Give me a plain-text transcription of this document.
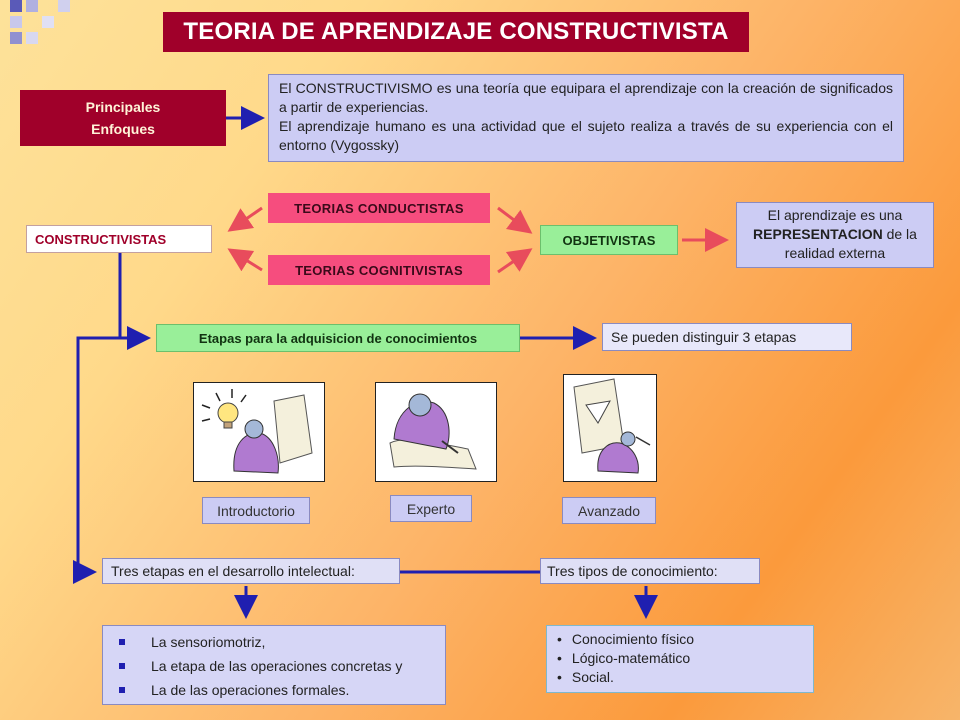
TEORIA DE APRENDIZAJE CONSTRUCTIVISTA
Principales
Enfoques
El CONSTRUCTIVISMO es una teoría que equipara el aprendizaje con la creación de significados a partir de experiencias.
El aprendizaje humano es una actividad que el sujeto realiza a través de su experiencia con el entorno (Vygossky)
CONSTRUCTIVISTAS
TEORIAS CONDUCTISTAS
TEORIAS COGNITIVISTAS
OBJETIVISTAS
El aprendizaje es una REPRESENTACION de la realidad externa
Etapas para la adquisicion de conocimientos	Se pueden distinguir 3 etapas
Introductorio	Experto	Avanzado
Tres etapas en el desarrollo intelectual:	Tres tipos de conocimiento:
La sensoriomotriz,
La etapa de las operaciones concretas y
La de las operaciones formales.
• Conocimiento físico
• Lógico-matemático
• Social.
